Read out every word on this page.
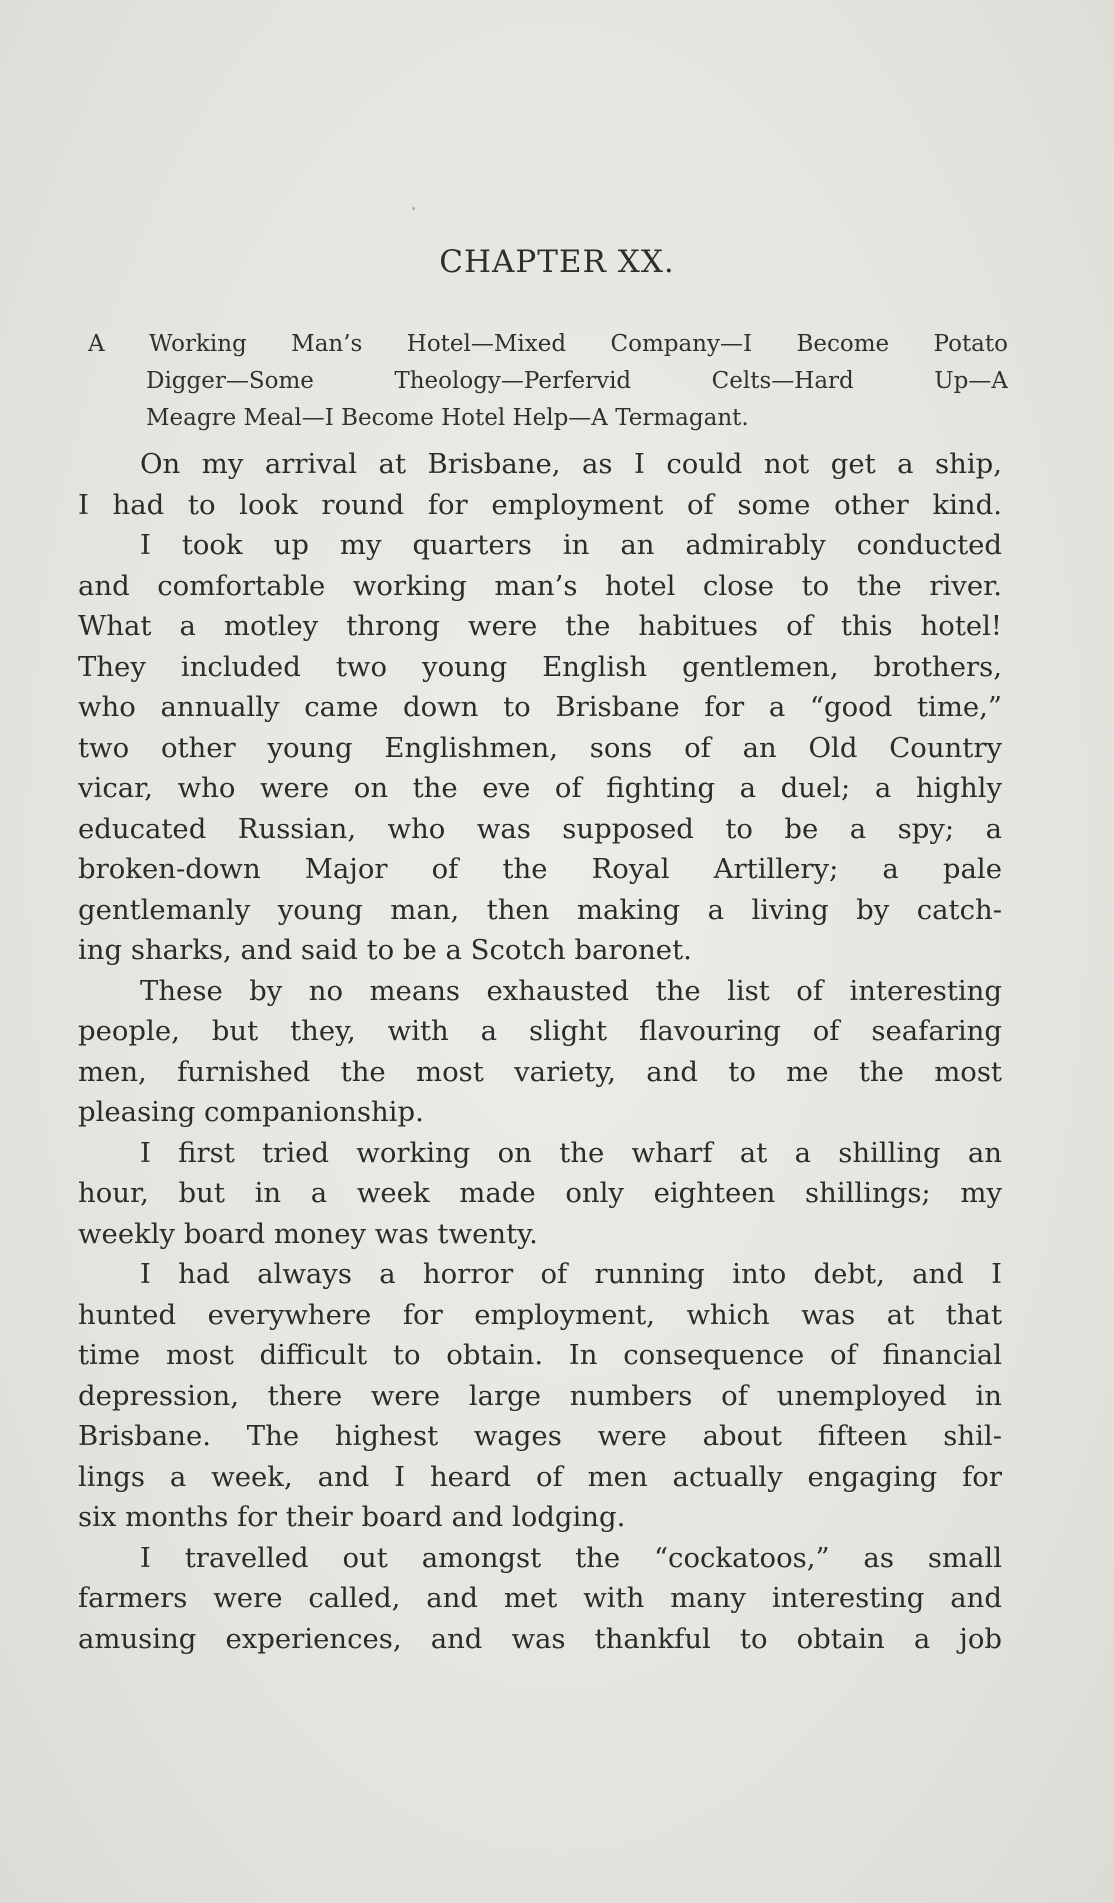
CHAPTER XX.
A Working Man’s Hotel—Mixed Company—I Become Potato
Digger—Some Theology—Perfervid Celts—Hard Up—A
Meagre Meal—I Become Hotel Help—A Termagant.
On my arrival at Brisbane, as I could not get a ship,
I had to look round for employment of some other kind.
I took up my quarters in an admirably conducted
and comfortable working man’s hotel close to the river.
What a motley throng were the habitues of this hotel!
They included two young English gentlemen, brothers,
who annually came down to Brisbane for a “good time,”
two other young Englishmen, sons of an Old Country
vicar, who were on the eve of fighting a duel; a highly
educated Russian, who was supposed to be a spy; a
broken-down Major of the Royal Artillery; a pale
gentlemanly young man, then making a living by catch-
ing sharks, and said to be a Scotch baronet.
These by no means exhausted the list of interesting
people, but they, with a slight flavouring of seafaring
men, furnished the most variety, and to me the most
pleasing companionship.
I first tried working on the wharf at a shilling an
hour, but in a week made only eighteen shillings; my
weekly board money was twenty.
I had always a horror of running into debt, and I
hunted everywhere for employment, which was at that
time most difficult to obtain. In consequence of financial
depression, there were large numbers of unemployed in
Brisbane. The highest wages were about fifteen shil-
lings a week, and I heard of men actually engaging for
six months for their board and lodging.
I travelled out amongst the “cockatoos,” as small
farmers were called, and met with many interesting and
amusing experiences, and was thankful to obtain a job
